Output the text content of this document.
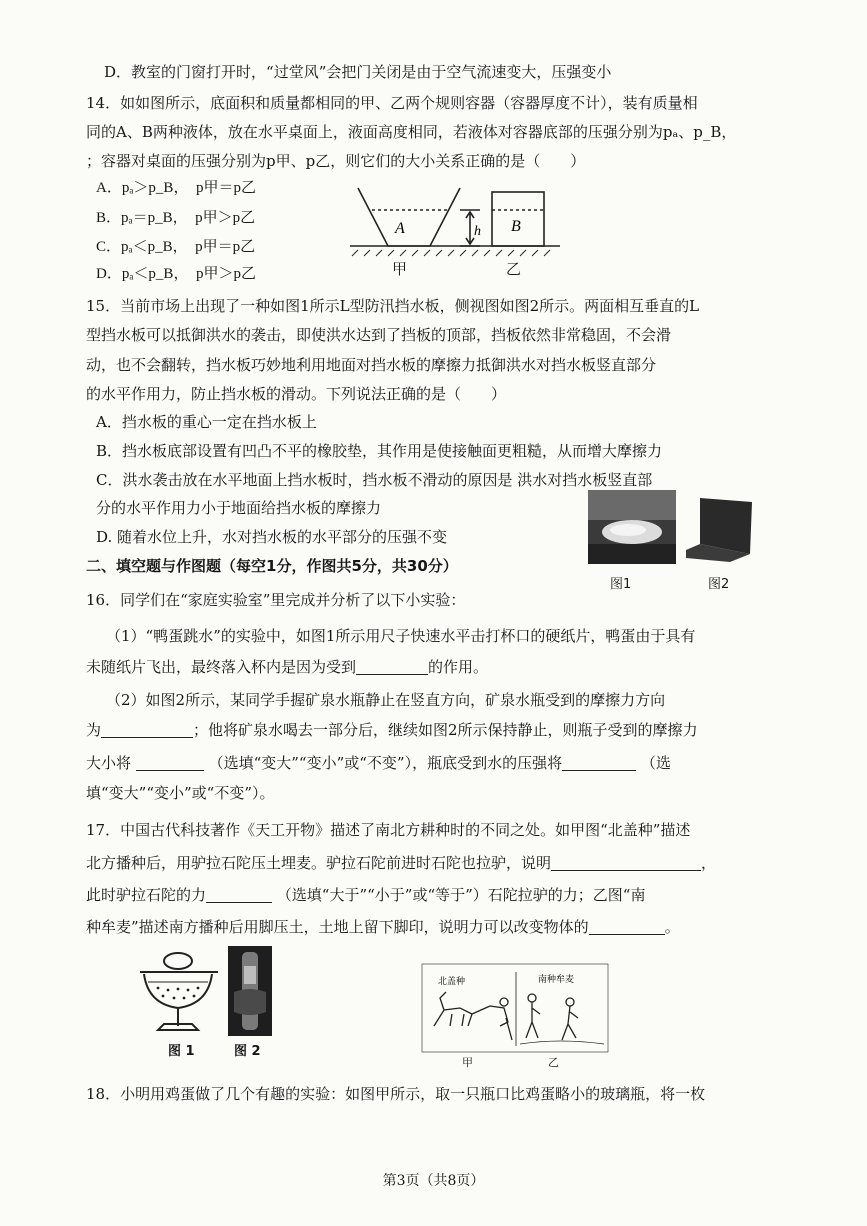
D．教室的门窗打开时，“过堂风”会把门关闭是由于空气流速变大，压强变小
14．如如图所示，底面积和质量都相同的甲、乙两个规则容器（容器厚度不计），装有质量相
同的A、B两种液体，放在水平桌面上，液面高度相同，若液体对容器底部的压强分别为pₐ、p_B，
；容器对桌面的压强分别为p甲、p乙，则它们的大小关系正确的是（　　）
A．pₐ＞p_B，　p甲＝p乙
B．pₐ＝p_B，　p甲＞p乙
C．pₐ＜p_B，　p甲＝p乙
D．pₐ＜p_B，　p甲＞p乙
15．当前市场上出现了一种如图1所示L型防汛挡水板，侧视图如图2所示。两面相互垂直的L
型挡水板可以抵御洪水的袭击，即使洪水达到了挡板的顶部，挡板依然非常稳固，不会滑
动，也不会翻转，挡水板巧妙地利用地面对挡水板的摩擦力抵御洪水对挡水板竖直部分
的水平作用力，防止挡水板的滑动。下列说法正确的是（　　）
A．挡水板的重心一定在挡水板上
B．挡水板底部设置有凹凸不平的橡胶垫，其作用是使接触面更粗糙，从而增大摩擦力
C．洪水袭击放在水平地面上挡水板时，挡水板不滑动的原因是 洪水对挡水板竖直部
分的水平作用力小于地面给挡水板的摩擦力
D. 随着水位上升，水对挡水板的水平部分的压强不变
二、填空题与作图题（每空1分，作图共5分，共30分）
16．同学们在“家庭实验室”里完成并分析了以下小实验：
（1）“鸭蛋跳水”的实验中，如图1所示用尺子快速水平击打杯口的硬纸片，鸭蛋由于具有
未随纸片飞出，最终落入杯内是因为受到	的作用。
（2）如图2所示，某同学手握矿泉水瓶静止在竖直方向，矿泉水瓶受到的摩擦力方向
为	；他将矿泉水喝去一部分后，继续如图2所示保持静止，则瓶子受到的摩擦力
大小将	（选填“变大”“变小”或“不变”），瓶底受到水的压强将	（选
填“变大”“变小”或“不变”）。
17．中国古代科技著作《天工开物》描述了南北方耕种时的不同之处。如甲图“北盖种”描述
北方播种后，用驴拉石陀压土埋麦。驴拉石陀前进时石陀也拉驴，说明	，
此时驴拉石陀的力	（选填“大于”“小于”或“等于”）石陀拉驴的力；乙图“南
种牟麦”描述南方播种后用脚压土，土地上留下脚印，说明力可以改变物体的	。
18．小明用鸡蛋做了几个有趣的实验：如图甲所示，取一只瓶口比鸡蛋略小的玻璃瓶，将一枚
A	h B
甲	乙
图1	图2
图 1	图 2
北盖种	南种牟麦
甲	乙
第3页（共8页）
